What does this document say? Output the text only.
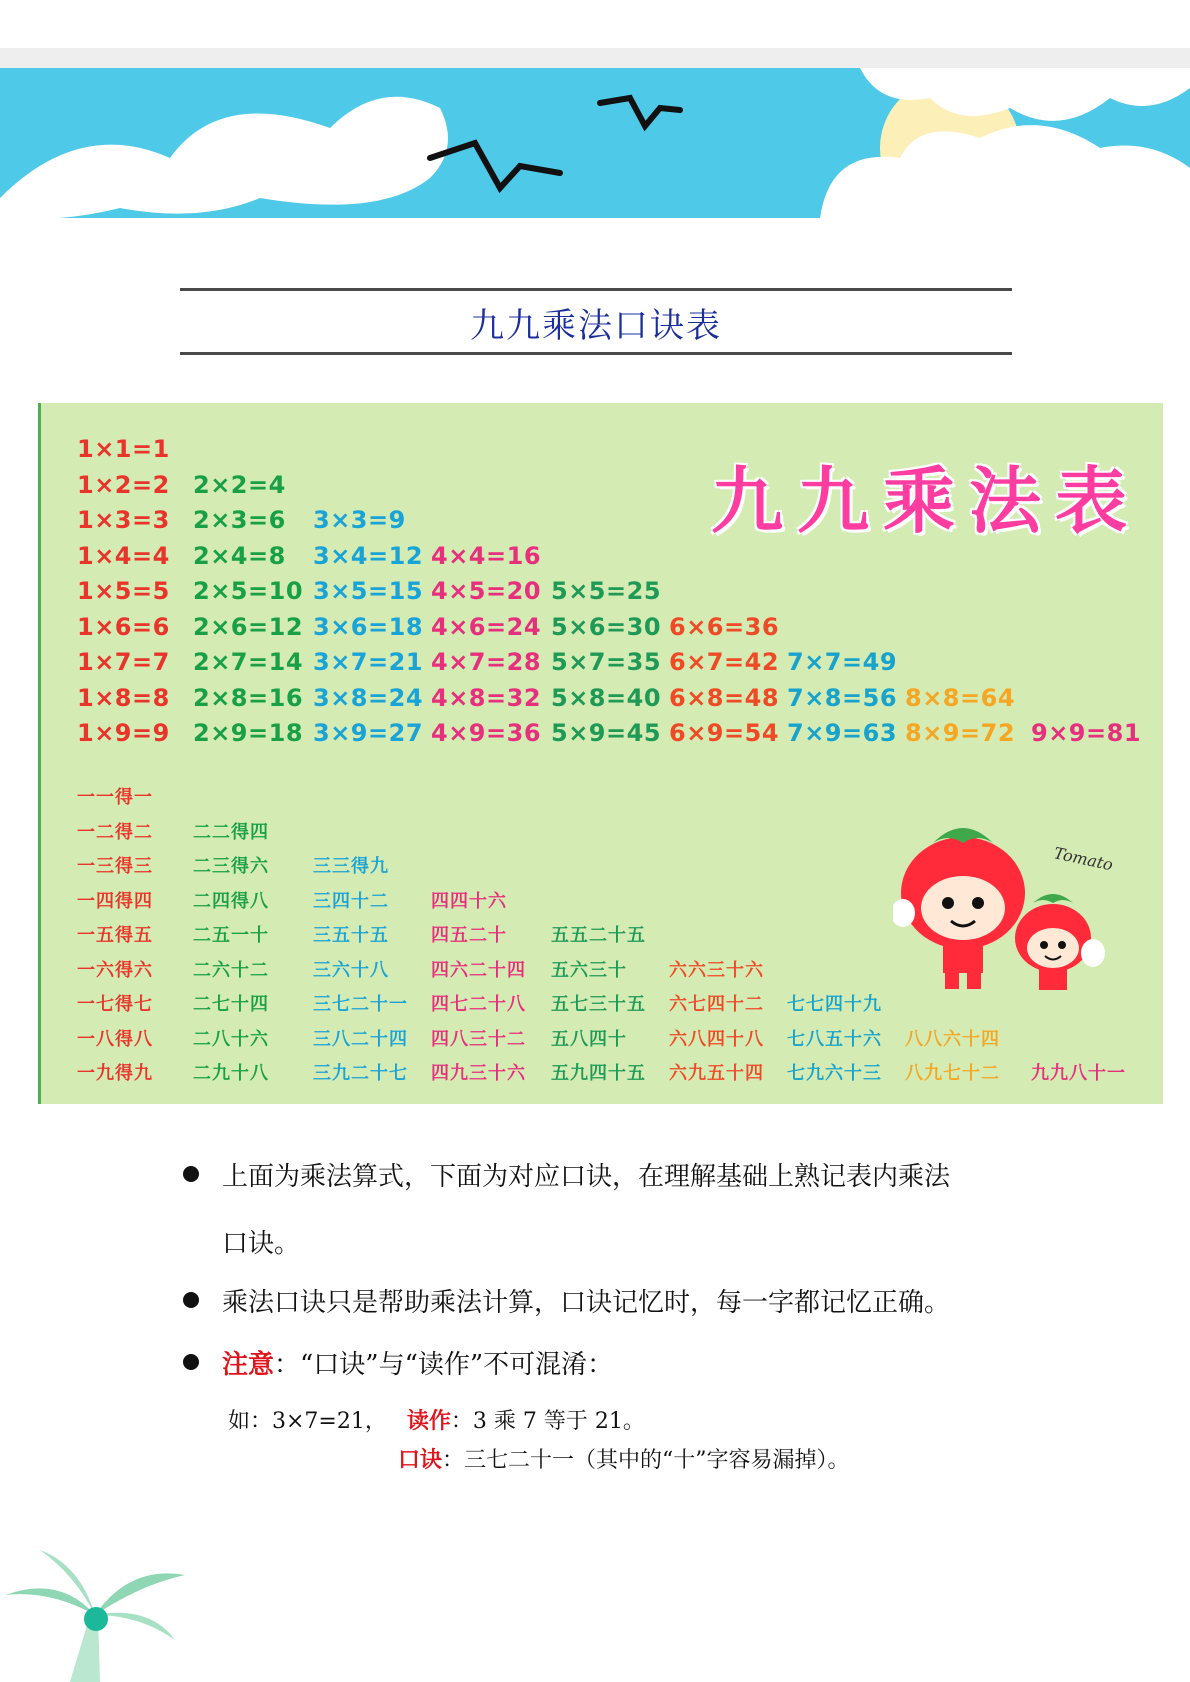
九九乘法口诀表
九九乘法表
Tomato
1×1=1
1×2=2 2×2=4
1×3=3 2×3=6 3×3=9
1×4=4 2×4=8 3×4=12 4×4=16
1×5=5 2×5=10 3×5=15 4×5=20 5×5=25
1×6=6 2×6=12 3×6=18 4×6=24 5×6=30 6×6=36
1×7=7 2×7=14 3×7=21 4×7=28 5×7=35 6×7=42 7×7=49
1×8=8 2×8=16 3×8=24 4×8=32 5×8=40 6×8=48 7×8=56 8×8=64
1×9=9 2×9=18 3×9=27 4×9=36 5×9=45 6×9=54 7×9=63 8×9=72 9×9=81
一一得一
一二得二 二二得四
一三得三 二三得六 三三得九
一四得四 二四得八 三四十二 四四十六
一五得五 二五一十 三五十五 四五二十 五五二十五
一六得六 二六十二 三六十八 四六二十四 五六三十 六六三十六
一七得七 二七十四 三七二十一 四七二十八 五七三十五 六七四十二 七七四十九
一八得八 二八十六 三八二十四 四八三十二 五八四十 六八四十八 七八五十六 八八六十四
一九得九 二九十八 三九二十七 四九三十六 五九四十五 六九五十四 七九六十三 八九七十二 九九八十一
上面为乘法算式，下面为对应口诀，在理解基础上熟记表内乘法
口诀。
乘法口诀只是帮助乘法计算，口诀记忆时，每一字都记忆正确。
注意：“口诀”与“读作”不可混淆：
如：3×7=21， 读作：3 乘 7 等于 21。
口诀：三七二十一（其中的“十”字容易漏掉）。
